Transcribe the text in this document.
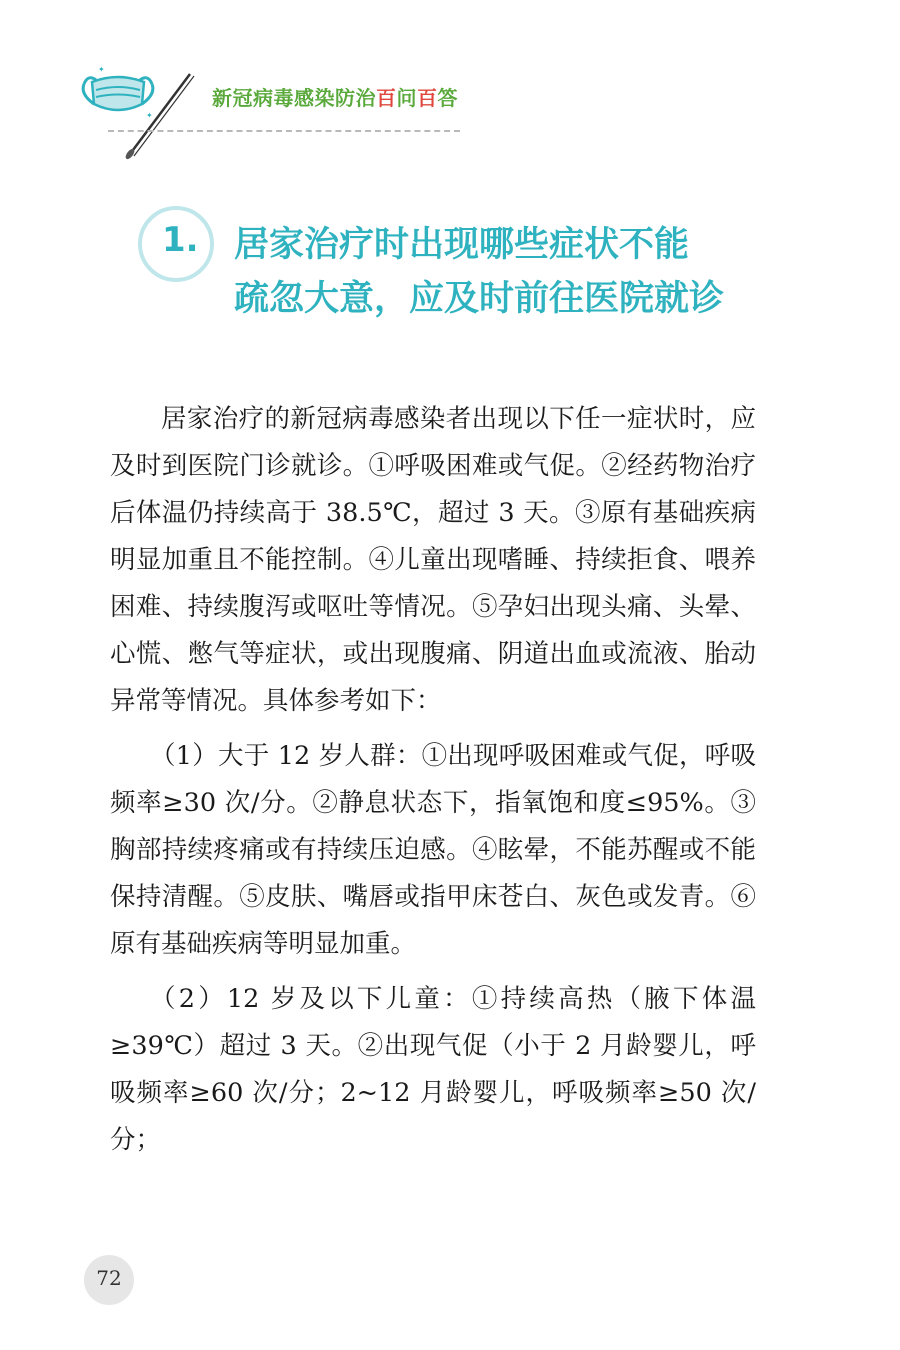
✦
✦
新冠病毒感染防治百问百答
1. 居家治疗时出现哪些症状不能
疏忽大意，应及时前往医院就诊

居家治疗的新冠病毒感染者出现以下任一症状时，应及时到医院门诊就诊。①呼吸困难或气促。②经药物治疗后体温仍持续高于 38.5℃，超过 3 天。③原有基础疾病明显加重且不能控制。④儿童出现嗜睡、持续拒食、喂养困难、持续腹泻或呕吐等情况。⑤孕妇出现头痛、头晕、心慌、憋气等症状，或出现腹痛、阴道出血或流液、胎动异常等情况。具体参考如下：

（1）大于 12 岁人群：①出现呼吸困难或气促，呼吸频率≥30 次/分。②静息状态下，指氧饱和度≤95%。③胸部持续疼痛或有持续压迫感。④眩晕，不能苏醒或不能保持清醒。⑤皮肤、嘴唇或指甲床苍白、灰色或发青。⑥原有基础疾病等明显加重。

（2）12 岁及以下儿童：①持续高热（腋下体温≥39℃）超过 3 天。②出现气促（小于 2 月龄婴儿，呼吸频率≥60 次/分；2~12 月龄婴儿，呼吸频率≥50 次/分；

72
